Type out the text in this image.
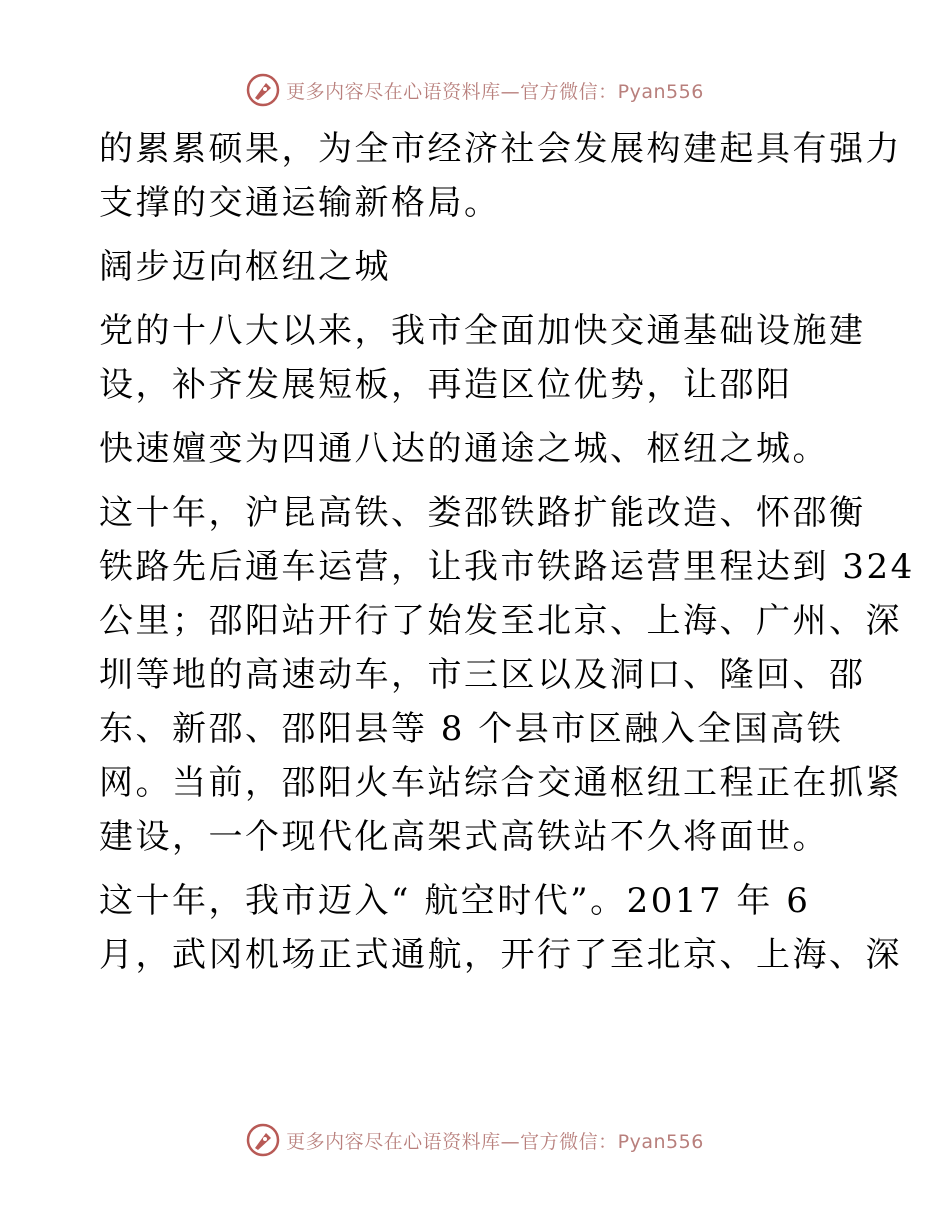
更多内容尽在心语资料库—官方微信：Pyan556
的累累硕果，为全市经济社会发展构建起具有强力
支撑的交通运输新格局。
阔步迈向枢纽之城
党的十八大以来，我市全面加快交通基础设施建
设，补齐发展短板，再造区位优势，让邵阳
快速嬗变为四通八达的通途之城、枢纽之城。
这十年，沪昆高铁、娄邵铁路扩能改造、怀邵衡
铁路先后通车运营，让我市铁路运营里程达到 324
公里；邵阳站开行了始发至北京、上海、广州、深
圳等地的高速动车，市三区以及洞口、隆回、邵
东、新邵、邵阳县等 8 个县市区融入全国高铁
网。当前，邵阳火车站综合交通枢纽工程正在抓紧
建设，一个现代化高架式高铁站不久将面世。
这十年，我市迈入“ 航空时代”。2017 年 6
月，武冈机场正式通航，开行了至北京、上海、深
更多内容尽在心语资料库—官方微信：Pyan556
